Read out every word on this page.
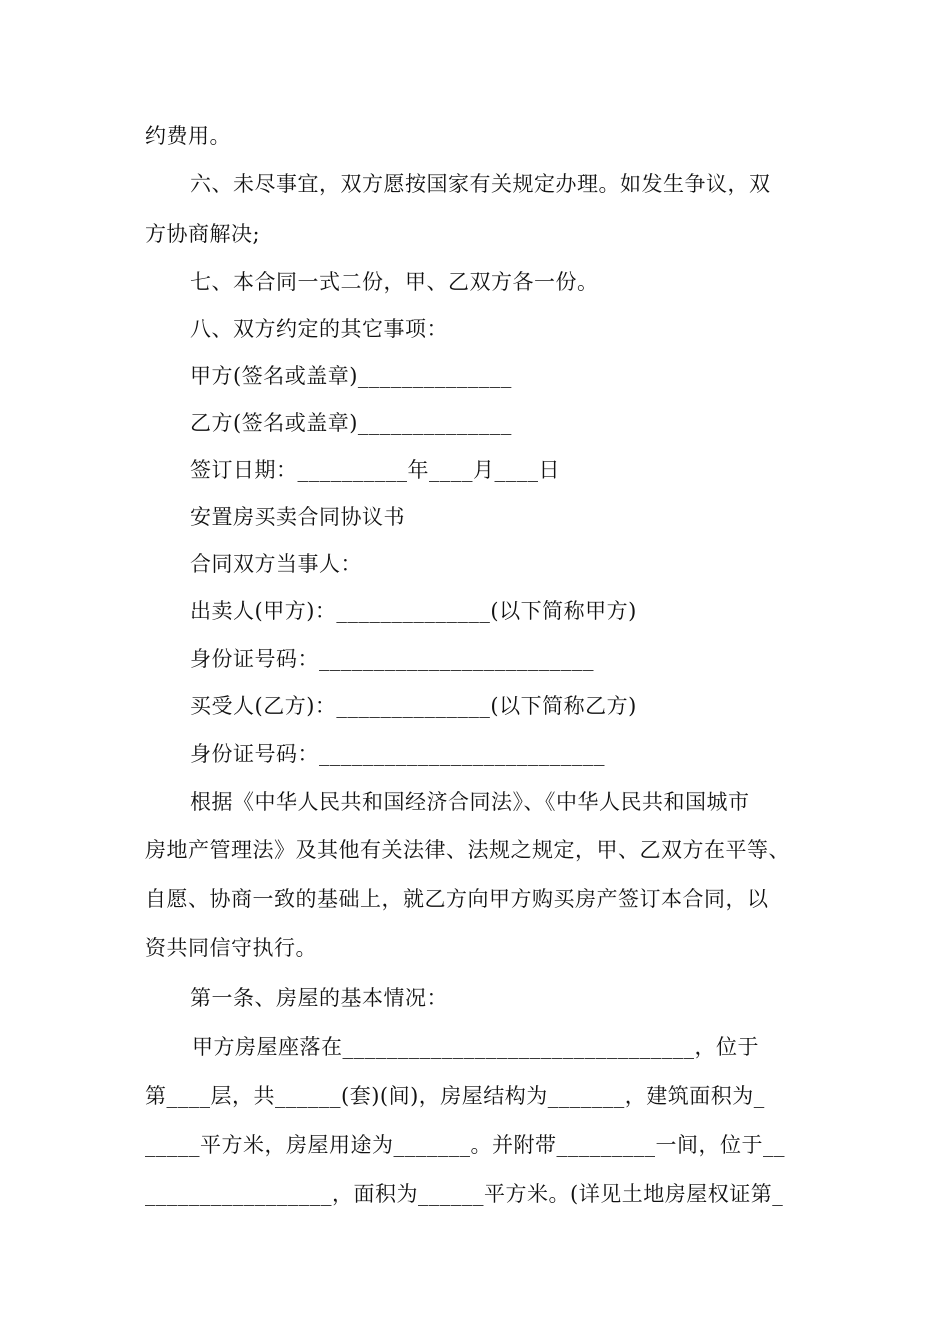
约费用。
六、未尽事宜，双方愿按国家有关规定办理。如发生争议，双
方协商解决;
七、本合同一式二份，甲、乙双方各一份。
八、双方约定的其它事项：
甲方(签名或盖章)______________
乙方(签名或盖章)______________
签订日期：__________年____月____日
安置房买卖合同协议书
合同双方当事人：
出卖人(甲方)：______________(以下简称甲方)
身份证号码：_________________________
买受人(乙方)：______________(以下简称乙方)
身份证号码：__________________________
根据《中华人民共和国经济合同法》、《中华人民共和国城市
房地产管理法》及其他有关法律、法规之规定，甲、乙双方在平等、
自愿、协商一致的基础上，就乙方向甲方购买房产签订本合同，以
资共同信守执行。
第一条、房屋的基本情况：
甲方房屋座落在________________________________，位于
第____层，共______(套)(间)，房屋结构为_______，建筑面积为_
_____平方米，房屋用途为_______。并附带_________一间，位于__
_________________，面积为______平方米。(详见土地房屋权证第_
